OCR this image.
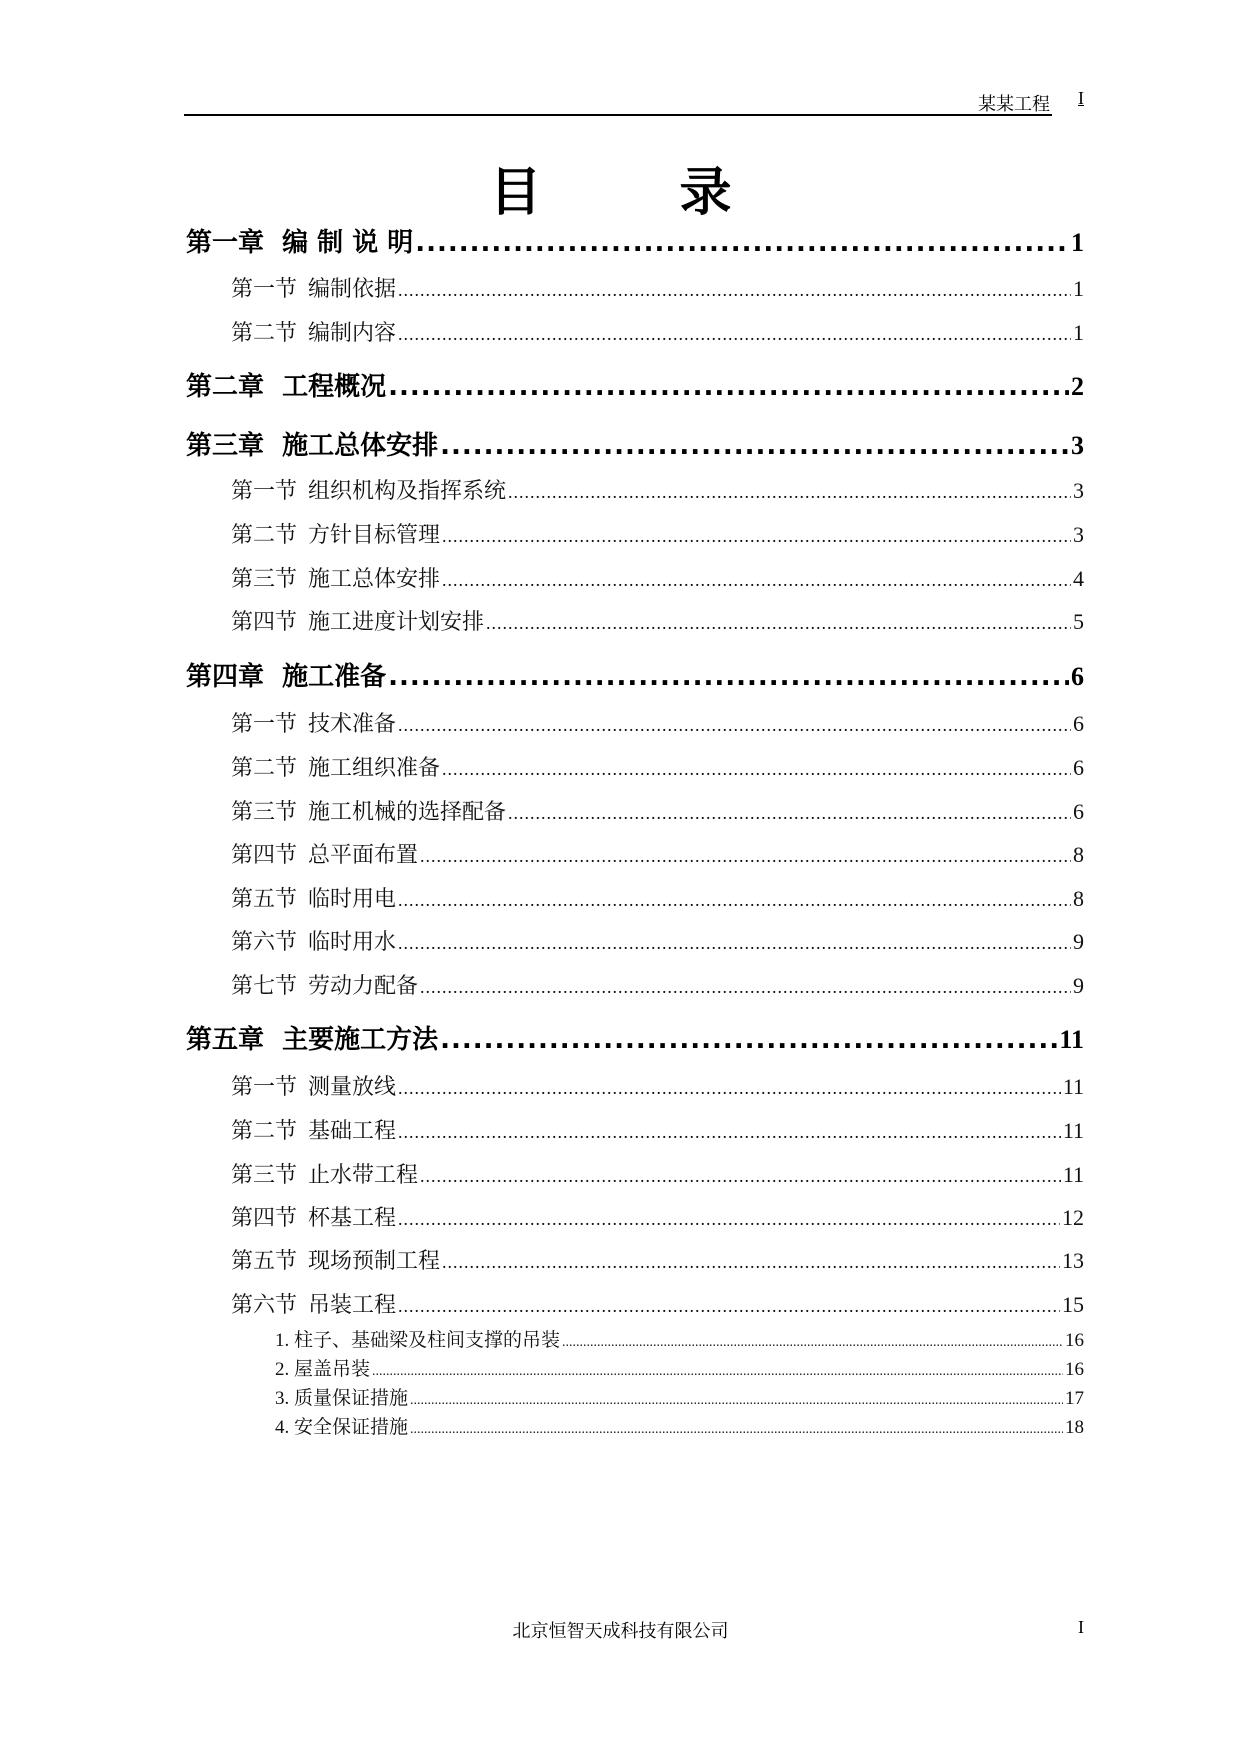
某某工程 I
目 录
第一章  编 制 说 明 .....	1
第一节  编制依据 .....	1
第二节  编制内容 .....	1
第二章  工程概况 .....	2
第三章  施工总体安排 .....	3
第一节  组织机构及指挥系统 .....	3
第二节  方针目标管理 .....	3
第三节  施工总体安排 .....	4
第四节  施工进度计划安排 .....	5
第四章  施工准备 .....	6
第一节  技术准备 .....	6
第二节  施工组织准备 .....	6
第三节  施工机械的选择配备 .....	6
第四节  总平面布置 .....	8
第五节  临时用电 .....	8
第六节  临时用水 .....	9
第七节  劳动力配备 .....	9
第五章  主要施工方法 .....	11
第一节  测量放线 .....	11
第二节  基础工程 .....	11
第三节  止水带工程 .....	11
第四节  杯基工程 .....	12
第五节  现场预制工程 .....	13
第六节  吊装工程 .....	15
1. 柱子、基础梁及柱间支撑的吊装 .....	16
2. 屋盖吊装 .....	16
3. 质量保证措施 .....	17
4. 安全保证措施 .....	18
北京恒智天成科技有限公司	I
